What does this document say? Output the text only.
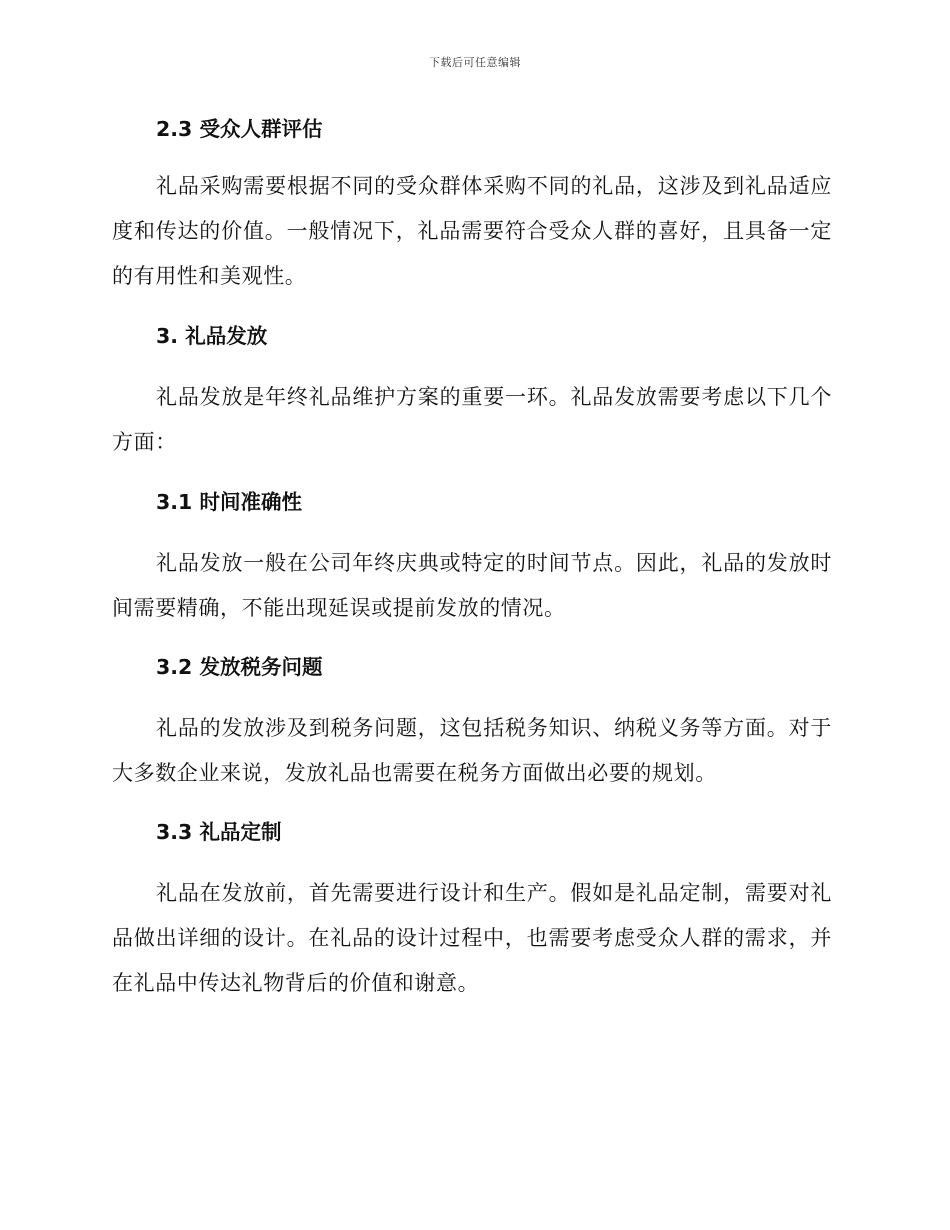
下载后可任意编辑
2.3 受众人群评估

礼品采购需要根据不同的受众群体采购不同的礼品，这涉及到礼品适应度和传达的价值。一般情况下，礼品需要符合受众人群的喜好，且具备一定的有用性和美观性。

3. 礼品发放

礼品发放是年终礼品维护方案的重要一环。礼品发放需要考虑以下几个方面：

3.1 时间准确性

礼品发放一般在公司年终庆典或特定的时间节点。因此，礼品的发放时间需要精确，不能出现延误或提前发放的情况。

3.2 发放税务问题

礼品的发放涉及到税务问题，这包括税务知识、纳税义务等方面。对于大多数企业来说，发放礼品也需要在税务方面做出必要的规划。

3.3 礼品定制

礼品在发放前，首先需要进行设计和生产。假如是礼品定制，需要对礼品做出详细的设计。在礼品的设计过程中，也需要考虑受众人群的需求，并在礼品中传达礼物背后的价值和谢意。
